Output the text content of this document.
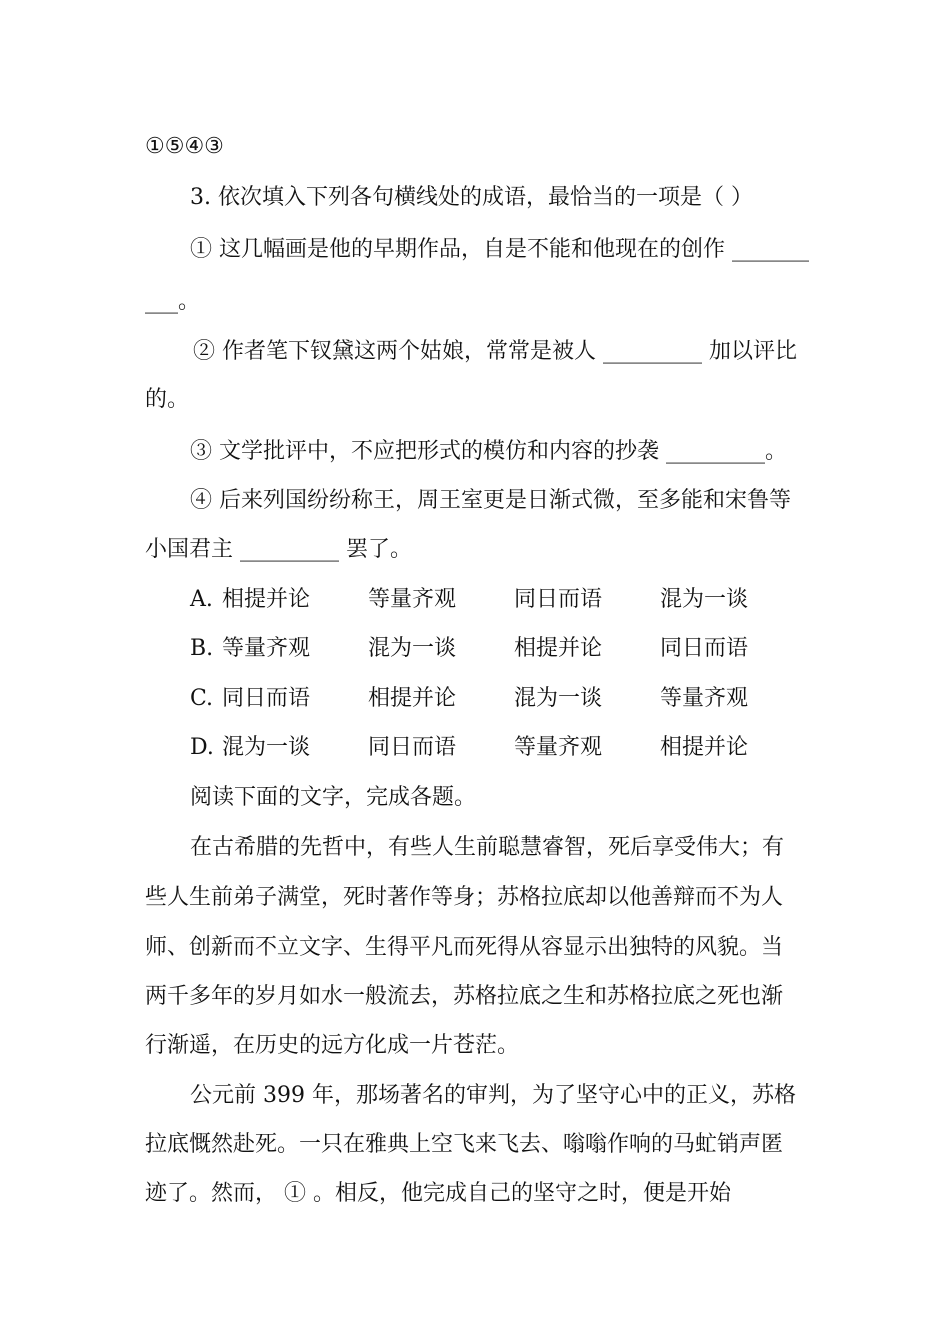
①⑤④③
3. 依次填入下列各句横线处的成语，最恰当的一项是（ ）
① 这几幅画是他的早期作品，自是不能和他现在的创作 _______
___。
② 作者笔下钗黛这两个姑娘，常常是被人 _________ 加以评比
的。
③ 文学批评中，不应把形式的模仿和内容的抄袭 _________。
④ 后来列国纷纷称王，周王室更是日渐式微，至多能和宋鲁等
小国君主 _________ 罢了。
A. 相提并论	等量齐观	同日而语	混为一谈
B. 等量齐观	混为一谈	相提并论	同日而语
C. 同日而语	相提并论	混为一谈	等量齐观
D. 混为一谈	同日而语	等量齐观	相提并论
阅读下面的文字，完成各题。
在古希腊的先哲中，有些人生前聪慧睿智，死后享受伟大；有
些人生前弟子满堂，死时著作等身；苏格拉底却以他善辩而不为人
师、创新而不立文字、生得平凡而死得从容显示出独特的风貌。当
两千多年的岁月如水一般流去，苏格拉底之生和苏格拉底之死也渐
行渐遥，在历史的远方化成一片苍茫。
公元前 399 年，那场著名的审判，为了坚守心中的正义，苏格
拉底慨然赴死。一只在雅典上空飞来飞去、嗡嗡作响的马虻销声匿
迹了。然而， ① 。相反，他完成自己的坚守之时，便是开始
